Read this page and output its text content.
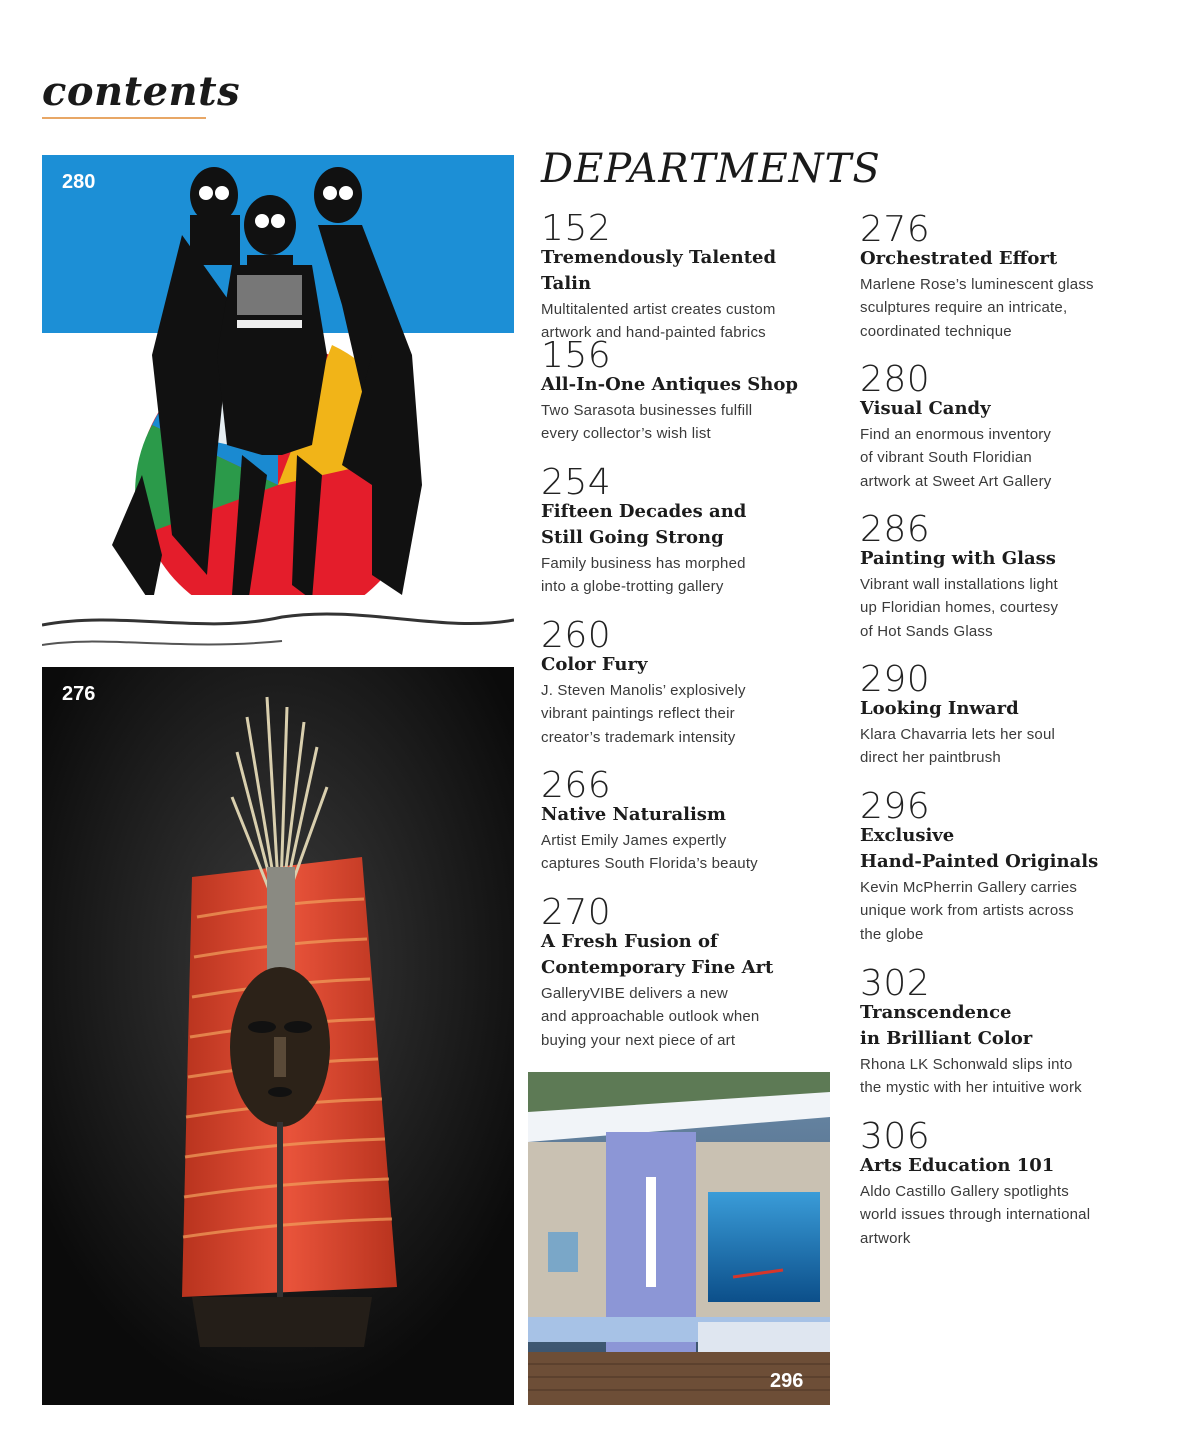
contents
280
276
296
DEPARTMENTS
152
Tremendously Talented Talin
Multitalented artist creates custom
artwork and hand-painted fabrics
156
All-In-One Antiques Shop
Two Sarasota businesses fulfill
every collector’s wish list
254
Fifteen Decades and
Still Going Strong
Family business has morphed
into a globe-trotting gallery
260
Color Fury
J. Steven Manolis’ explosively
vibrant paintings reflect their
creator’s trademark intensity
266
Native Naturalism
Artist Emily James expertly
captures South Florida’s beauty
270
A Fresh Fusion of
Contemporary Fine Art
GalleryVIBE delivers a new
and approachable outlook when
buying your next piece of art
276
Orchestrated Effort
Marlene Rose’s luminescent glass
sculptures require an intricate,
coordinated technique
280
Visual Candy
Find an enormous inventory
of vibrant South Floridian
artwork at Sweet Art Gallery
286
Painting with Glass
Vibrant wall installations light
up Floridian homes, courtesy
of Hot Sands Glass
290
Looking Inward
Klara Chavarria lets her soul
direct her paintbrush
296
Exclusive
Hand-Painted Originals
Kevin McPherrin Gallery carries
unique work from artists across
the globe
302
Transcendence
in Brilliant Color
Rhona LK Schonwald slips into
the mystic with her intuitive work
306
Arts Education 101
Aldo Castillo Gallery spotlights
world issues through international
artwork
